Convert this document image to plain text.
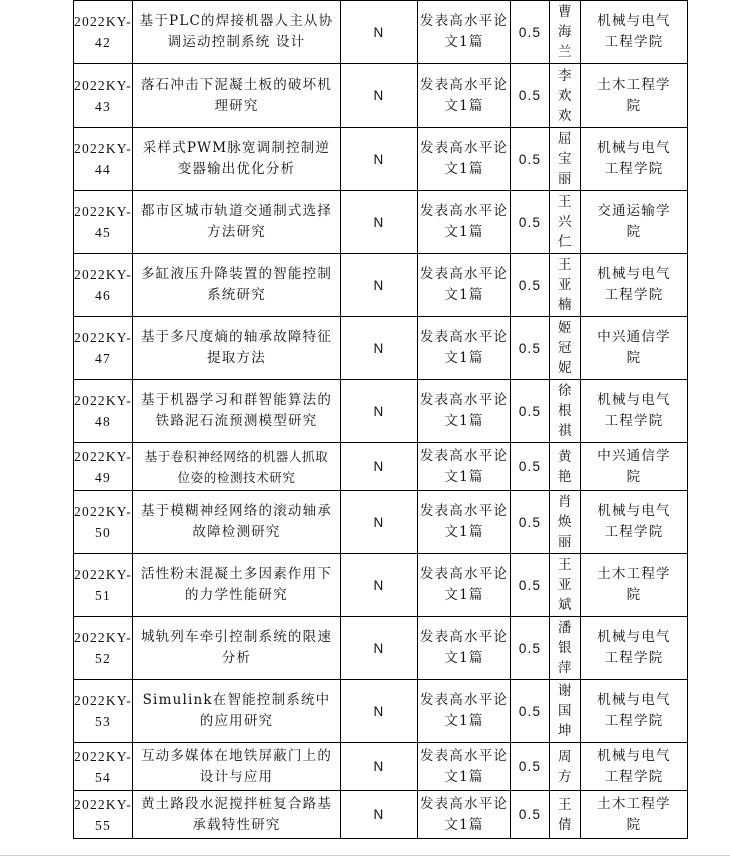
2022KY-42	基于PLC的焊接机器人主从协调运动控制系统 设计	N	发表高水平论文1篇	0.5	曹海兰	机械与电气工程学院

2022KY-43	落石冲击下泥凝土板的破坏机理研究	N	发表高水平论文1篇	0.5	李欢欢	土木工程学院

2022KY-44	采样式PWM脉宽调制控制逆变器输出优化分析	N	发表高水平论文1篇	0.5	屈宝丽	机械与电气工程学院

2022KY-45	都市区城市轨道交通制式选择方法研究	N	发表高水平论文1篇	0.5	王兴仁	交通运输学院

2022KY-46	多缸液压升降装置的智能控制系统研究	N	发表高水平论文1篇	0.5	王亚楠	机械与电气工程学院

2022KY-47	基于多尺度熵的轴承故障特征提取方法	N	发表高水平论文1篇	0.5	姬冠妮	中兴通信学院

2022KY-48	基于机器学习和群智能算法的铁路泥石流预测模型研究	N	发表高水平论文1篇	0.5	徐根祺	机械与电气工程学院

2022KY-49	基于卷积神经网络的机器人抓取位姿的检测技术研究	N	发表高水平论文1篇	0.5	黄艳	中兴通信学院

2022KY-50	基于模糊神经网络的滚动轴承故障检测研究	N	发表高水平论文1篇	0.5	肖焕丽	机械与电气工程学院

2022KY-51	活性粉末混凝土多因素作用下的力学性能研究	N	发表高水平论文1篇	0.5	王亚斌	土木工程学院

2022KY-52	城轨列车牵引控制系统的限速分析	N	发表高水平论文1篇	0.5	潘银萍	机械与电气工程学院

2022KY-53	Simulink在智能控制系统中的应用研究	N	发表高水平论文1篇	0.5	谢国坤	机械与电气工程学院

2022KY-54	互动多媒体在地铁屏蔽门上的设计与应用	N	发表高水平论文1篇	0.5	周方	机械与电气工程学院

2022KY-55	黄土路段水泥搅拌桩复合路基承载特性研究	N	发表高水平论文1篇	0.5	王倩	土木工程学院
